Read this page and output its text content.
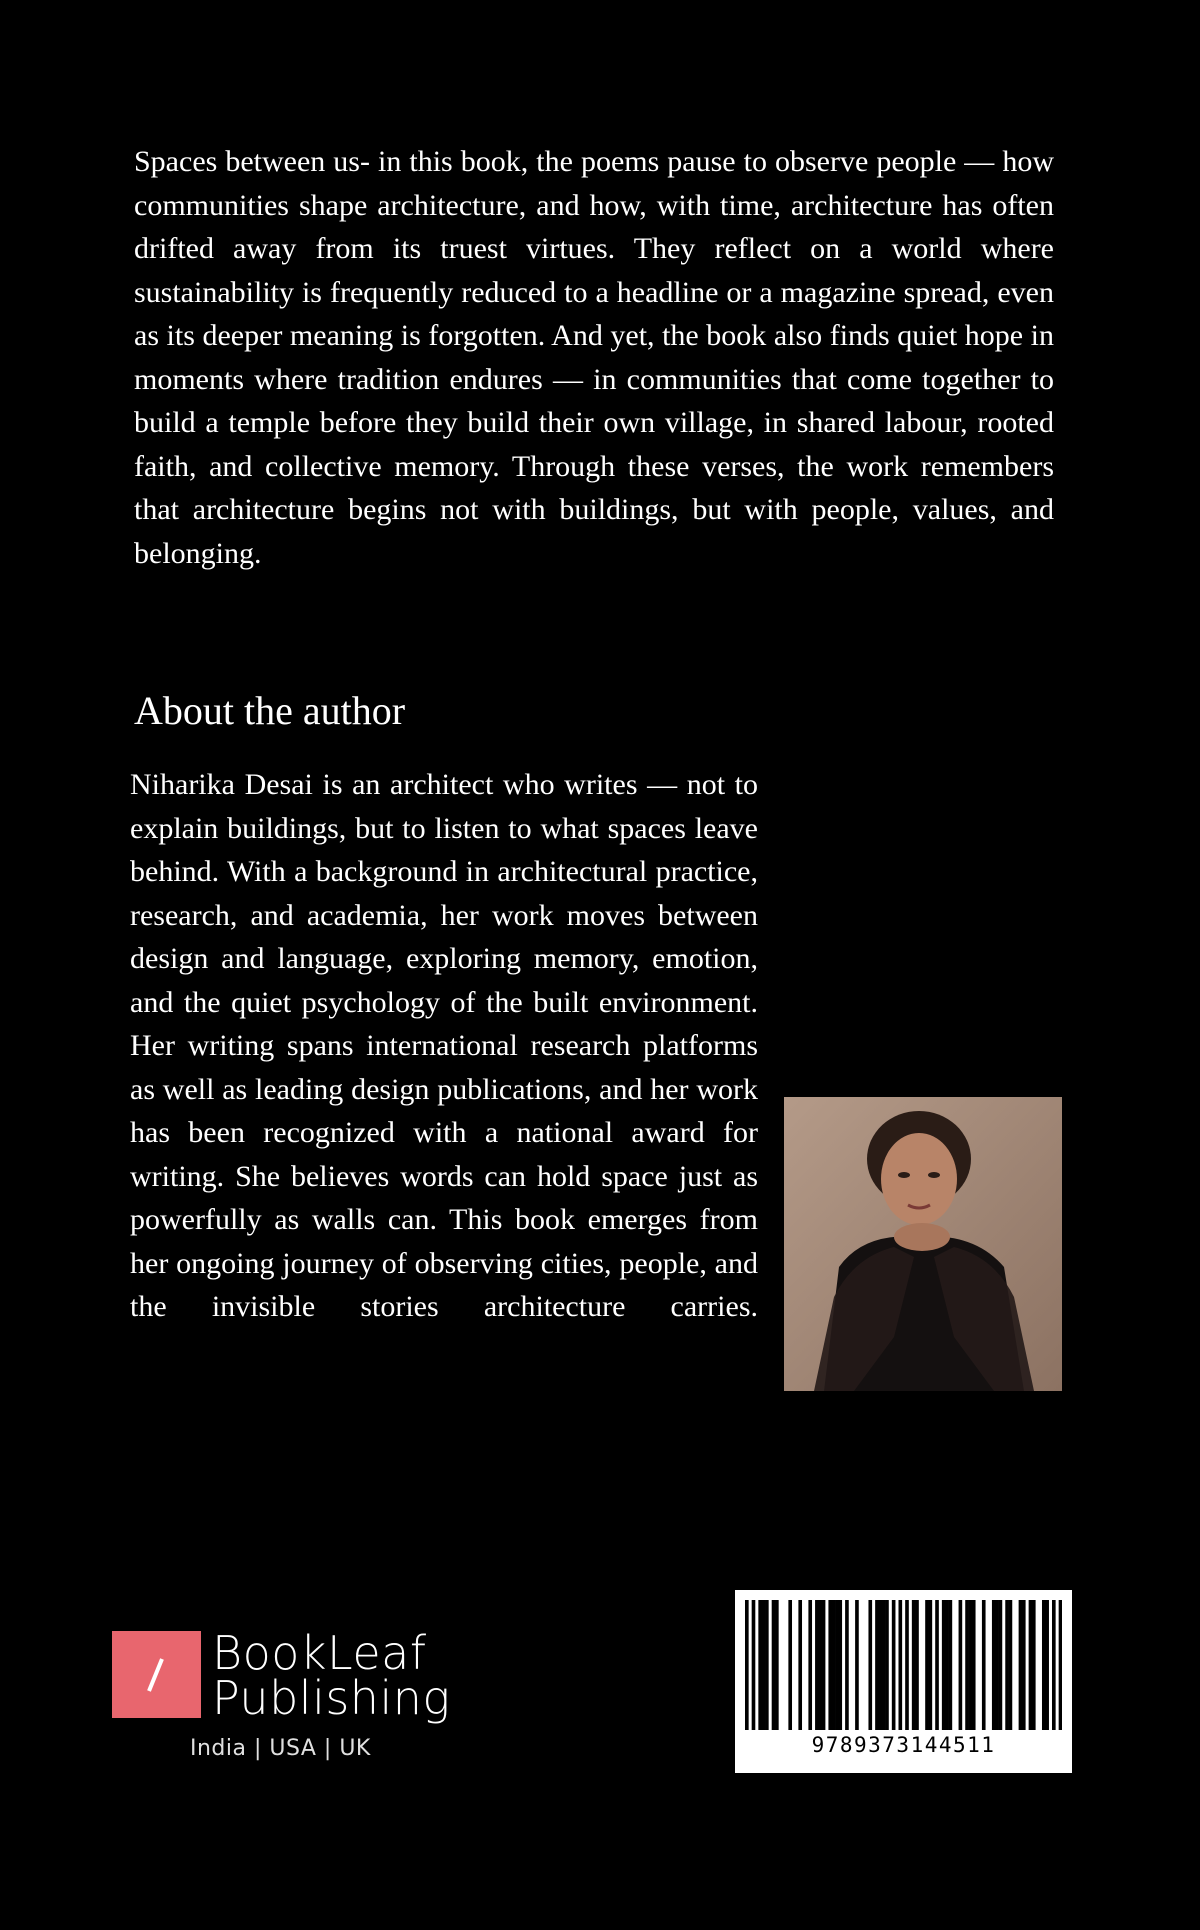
Spaces between us- in this book, the poems pause to observe people — how communities shape architecture, and how, with time, architecture has often drifted away from its truest virtues. They reflect on a world where sustainability is frequently reduced to a headline or a magazine spread, even as its deeper meaning is forgotten. And yet, the book also finds quiet hope in moments where tradition endures — in communities that come together to build a temple before they build their own village, in shared labour, rooted faith, and collective memory. Through these verses, the work remembers that architecture begins not with buildings, but with people, values, and belonging.

About the author

Niharika Desai is an architect who writes — not to explain buildings, but to listen to what spaces leave behind. With a background in architectural practice, research, and academia, her work moves between design and language, exploring memory, emotion, and the quiet psychology of the built environment. Her writing spans international research platforms as well as leading design publications, and her work has been recognized with a national award for writing. She believes words can hold space just as powerfully as walls can. This book emerges from her ongoing journey of observing cities, people, and the invisible stories architecture carries.

BookLeaf
Publishing
India | USA | UK	9789373144511
